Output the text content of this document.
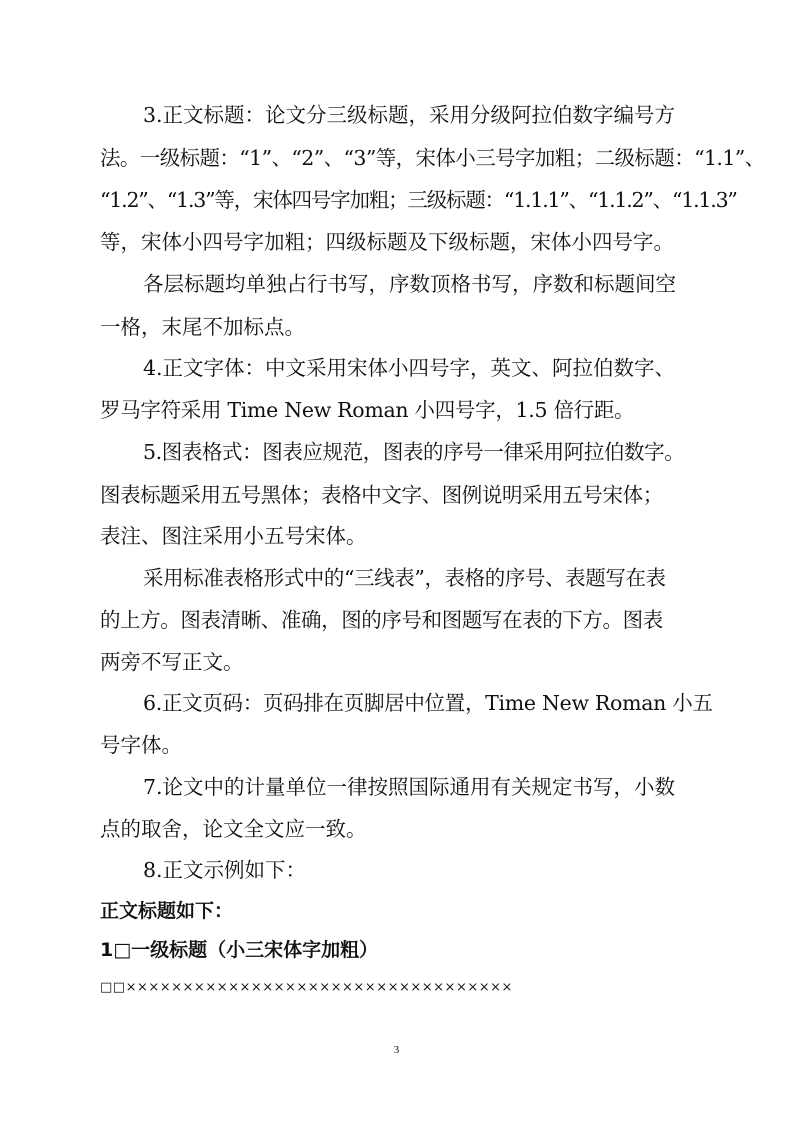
3.正文标题：论文分三级标题，采用分级阿拉伯数字编号方
法。一级标题：“1”、“2”、“3”等，宋体小三号字加粗；二级标题：“1.1”、
“1.2”、“1.3”等，宋体四号字加粗；三级标题：“1.1.1”、“1.1.2”、“1.1.3”
等，宋体小四号字加粗；四级标题及下级标题，宋体小四号字。
各层标题均单独占行书写，序数顶格书写，序数和标题间空
一格，末尾不加标点。
4.正文字体：中文采用宋体小四号字，英文、阿拉伯数字、
罗马字符采用 Time New Roman 小四号字，1.5 倍行距。
5.图表格式：图表应规范，图表的序号一律采用阿拉伯数字。
图表标题采用五号黑体；表格中文字、图例说明采用五号宋体；
表注、图注采用小五号宋体。
采用标准表格形式中的“三线表”，表格的序号、表题写在表
的上方。图表清晰、准确，图的序号和图题写在表的下方。图表
两旁不写正文。
6.正文页码：页码排在页脚居中位置，Time New Roman 小五
号字体。
7.论文中的计量单位一律按照国际通用有关规定书写，小数
点的取舍，论文全文应一致。
8.正文示例如下：
正文标题如下：
1□一级标题（小三宋体字加粗）
□□××××××××××××××××××××××××××××××××××
3
